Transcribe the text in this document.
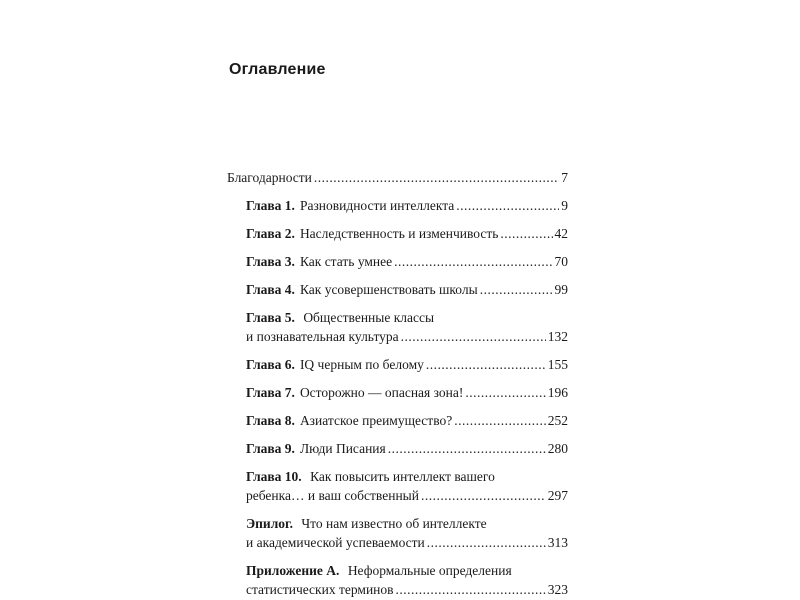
Оглавление
Благодарности .....	7
Глава 1. Разновидности интеллекта .....	9
Глава 2. Наследственность и изменчивость .....	42
Глава 3. Как стать умнее .....	70
Глава 4. Как усовершенствовать школы .....	99
Глава 5. Общественные классы
и познавательная культура .....	132
Глава 6. IQ черным по белому .....	155
Глава 7. Осторожно — опасная зона! .....	196
Глава 8. Азиатское преимущество? .....	252
Глава 9. Люди Писания .....	280
Глава 10. Как повысить интеллект вашего
ребенка… и ваш собственный .....	297
Эпилог. Что нам известно об интеллекте
и академической успеваемости .....	313
Приложение А. Неформальные определения
статистических терминов .....	323
